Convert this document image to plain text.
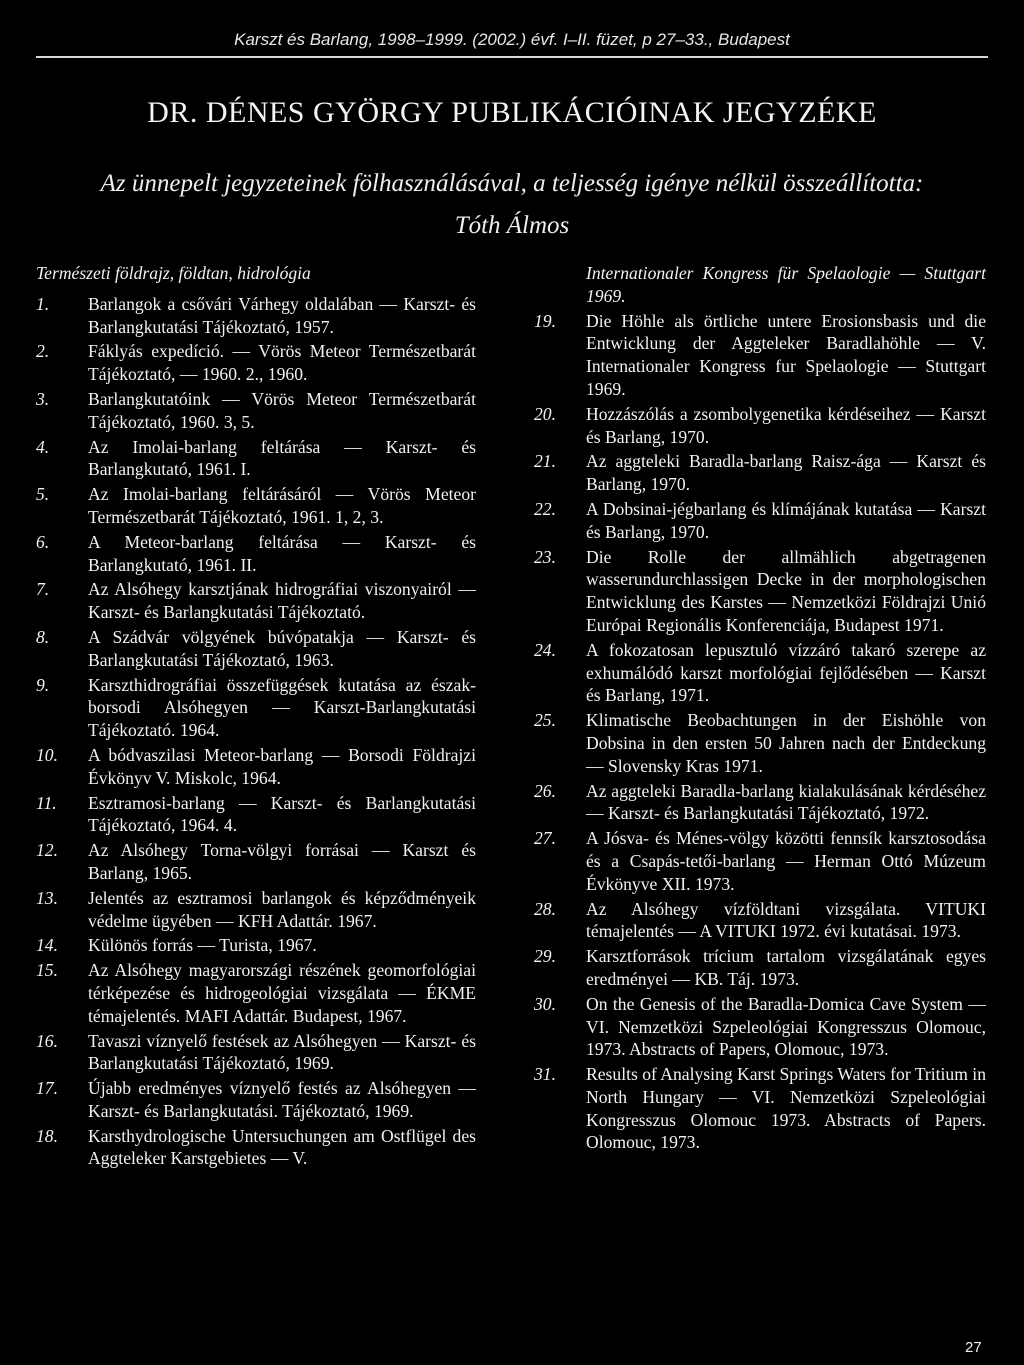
Karszt és Barlang, 1998–1999. (2002.) évf. I–II. füzet, p 27–33., Budapest
DR. DÉNES GYÖRGY PUBLIKÁCIÓINAK JEGYZÉKE
Az ünnepelt jegyzeteinek fölhasználásával, a teljesség igénye nélkül összeállította:
Tóth Álmos
Természeti földrajz, földtan, hidrológia
1.	Barlangok a csővári Várhegy oldalában — Karszt- és Barlangkutatási Tájékoztató, 1957.
2.	Fáklyás expedíció. — Vörös Meteor Természetbarát Tájékoztató, — 1960. 2., 1960.
3.	Barlangkutatóink — Vörös Meteor Természetbarát Tájékoztató, 1960. 3, 5.
4.	Az Imolai-barlang feltárása — Karszt- és Barlangkutató, 1961. I.
5.	Az Imolai-barlang feltárásáról — Vörös Meteor Természetbarát Tájékoztató, 1961. 1, 2, 3.
6.	A Meteor-barlang feltárása — Karszt- és Barlangkutató, 1961. II.
7.	Az Alsóhegy karsztjának hidrográfiai viszonyairól — Karszt- és Barlangkutatási Tájékoztató.
8.	A Szádvár völgyének búvópatakja — Karszt- és Barlangkutatási Tájékoztató, 1963.
9.	Karszthidrográfiai összefüggések kutatása az észak-borsodi Alsóhegyen — Karszt-Barlangkutatási Tájékoztató. 1964.
10.	A bódvaszilasi Meteor-barlang — Borsodi Földrajzi Évkönyv V. Miskolc, 1964.
11.	Esztramosi-barlang — Karszt- és Barlangkutatási Tájékoztató, 1964. 4.
12.	Az Alsóhegy Torna-völgyi forrásai — Karszt és Barlang, 1965.
13.	Jelentés az esztramosi barlangok és képződményeik védelme ügyében — KFH Adattár. 1967.
14.	Különös forrás — Turista, 1967.
15.	Az Alsóhegy magyarországi részének geomorfológiai térképezése és hidrogeológiai vizsgálata — ÉKME témajelentés. MAFI Adattár. Budapest, 1967.
16.	Tavaszi víznyelő festések az Alsóhegyen — Karszt- és Barlangkutatási Tájékoztató, 1969.
17.	Újabb eredményes víznyelő festés az Alsóhegyen — Karszt- és Barlangkutatási. Tájékoztató, 1969.
18.	Karsthydrologische Untersuchungen am Ostflügel des Aggteleker Karstgebietes — V.
Internationaler Kongress für Spelaologie — Stuttgart 1969.
19.	Die Höhle als örtliche untere Erosionsbasis und die Entwicklung der Aggteleker Baradlahöhle — V. Internationaler Kongress fur Spelaologie — Stuttgart 1969.
20.	Hozzászólás a zsombolygenetika kérdéseihez — Karszt és Barlang, 1970.
21.	Az aggteleki Baradla-barlang Raisz-ága — Karszt és Barlang, 1970.
22.	A Dobsinai-jégbarlang és klímájának kutatása — Karszt és Barlang, 1970.
23.	Die Rolle der allmählich abgetragenen wasserundurchlassigen Decke in der morphologischen Entwicklung des Karstes — Nemzetközi Földrajzi Unió Európai Regionális Konferenciája, Budapest 1971.
24.	A fokozatosan lepusztuló vízzáró takaró szerepe az exhumálódó karszt morfológiai fejlődésében — Karszt és Barlang, 1971.
25.	Klimatische Beobachtungen in der Eishöhle von Dobsina in den ersten 50 Jahren nach der Entdeckung — Slovensky Kras 1971.
26.	Az aggteleki Baradla-barlang kialakulásának kérdéséhez — Karszt- és Barlangkutatási Tájékoztató, 1972.
27.	A Jósva- és Ménes-völgy közötti fennsík karsztosodása és a Csapás-tetői-barlang — Herman Ottó Múzeum Évkönyve XII. 1973.
28.	Az Alsóhegy vízföldtani vizsgálata. VITUKI témajelentés — A VITUKI 1972. évi kutatásai. 1973.
29.	Karsztforrások trícium tartalom vizsgálatának egyes eredményei — KB. Táj. 1973.
30.	On the Genesis of the Baradla-Domica Cave System — VI. Nemzetközi Szpeleológiai Kongresszus Olomouc, 1973. Abstracts of Papers, Olomouc, 1973.
31.	Results of Analysing Karst Springs Waters for Tritium in North Hungary — VI. Nemzetközi Szpeleológiai Kongresszus Olomouc 1973. Abstracts of Papers. Olomouc, 1973.
27
